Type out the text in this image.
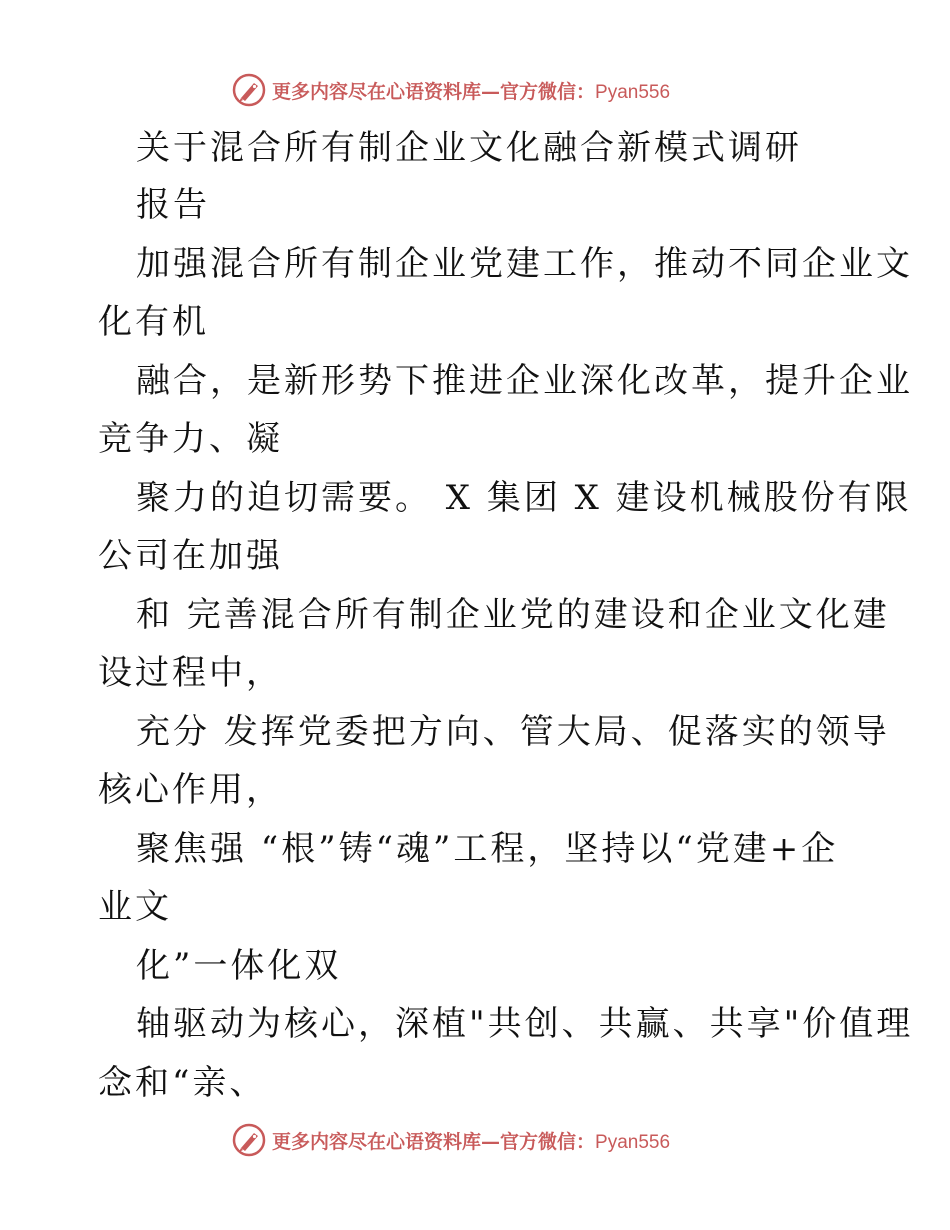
更多内容尽在心语资料库—官方微信：Pyan556
关于混合所有制企业文化融合新模式调研
报告
加强混合所有制企业党建工作，推动不同企业文
化有机
融合，是新形势下推进企业深化改革，提升企业
竞争力、凝
聚力的迫切需要。 X 集团 X 建设机械股份有限
公司在加强
和 完善混合所有制企业党的建设和企业文化建
设过程中，
充分 发挥党委把方向、管大局、促落实的领导
核心作用，
聚焦强 “根”铸“魂”工程，坚持以“党建+企
业文
化”一体化双
轴驱动为核心，深植"共创、共赢、共享"价值理
念和“亲、
更多内容尽在心语资料库—官方微信：Pyan556
